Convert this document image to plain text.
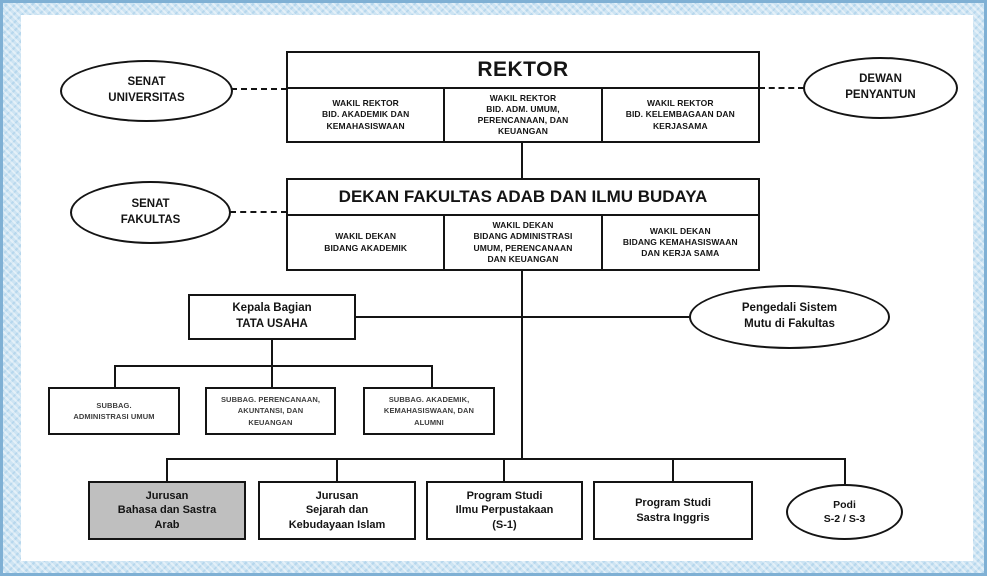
REKTOR
WAKIL REKTOR
BID. AKADEMIK DAN
KEMAHASISWAAN
WAKIL REKTOR
BID. ADM. UMUM,
PERENCANAAN, DAN
KEUANGAN
WAKIL REKTOR
BID. KELEMBAGAAN DAN
KERJASAMA
SENAT
UNIVERSITAS
DEWAN
PENYANTUN
DEKAN FAKULTAS ADAB DAN ILMU BUDAYA
WAKIL DEKAN
BIDANG AKADEMIK
WAKIL DEKAN
BIDANG ADMINISTRASI
UMUM, PERENCANAAN
DAN KEUANGAN
WAKIL DEKAN
BIDANG KEMAHASISWAAN
DAN KERJA SAMA
SENAT
FAKULTAS
Kepala Bagian
TATA USAHA
Pengedali Sistem
Mutu di Fakultas
SUBBAG.
ADMINISTRASI UMUM
SUBBAG. PERENCANAAN,
AKUNTANSI, DAN
KEUANGAN
SUBBAG. AKADEMIK,
KEMAHASISWAAN, DAN
ALUMNI
Jurusan
Bahasa dan Sastra
Arab
Jurusan
Sejarah dan
Kebudayaan Islam
Program Studi
Ilmu Perpustakaan
(S-1)
Program Studi
Sastra Inggris
Podi
S-2 / S-3
